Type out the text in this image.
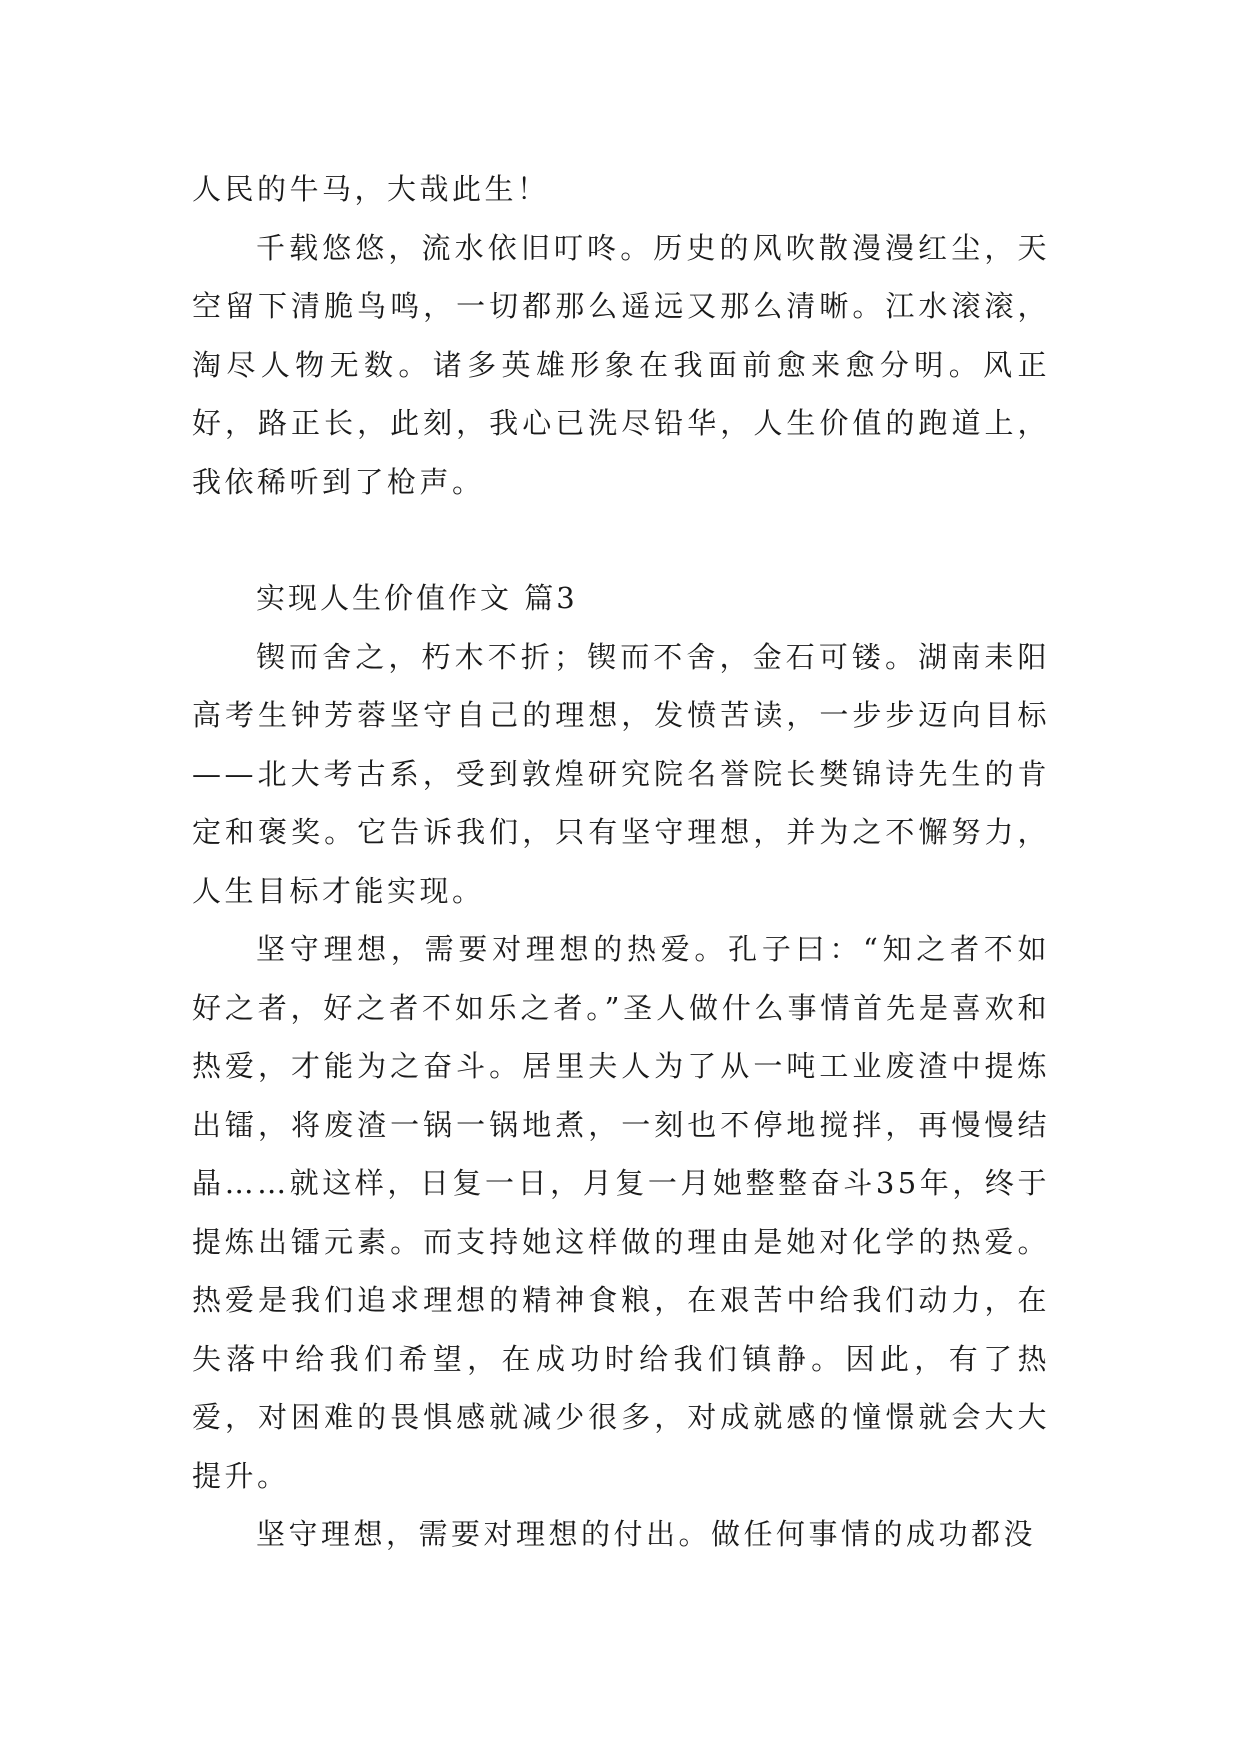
人民的牛马，大哉此生！

千载悠悠，流水依旧叮咚。历史的风吹散漫漫红尘，天空留下清脆鸟鸣，一切都那么遥远又那么清晰。江水滚滚，淘尽人物无数。诸多英雄形象在我面前愈来愈分明。风正好，路正长，此刻，我心已洗尽铅华，人生价值的跑道上，我依稀听到了枪声。

实现人生价值作文 篇3

锲而舍之，朽木不折；锲而不舍，金石可镂。湖南耒阳高考生钟芳蓉坚守自己的理想，发愤苦读，一步步迈向目标——北大考古系，受到敦煌研究院名誉院长樊锦诗先生的肯定和褒奖。它告诉我们，只有坚守理想，并为之不懈努力，人生目标才能实现。

坚守理想，需要对理想的热爱。孔子曰：“知之者不如好之者，好之者不如乐之者。”圣人做什么事情首先是喜欢和热爱，才能为之奋斗。居里夫人为了从一吨工业废渣中提炼出镭，将废渣一锅一锅地煮，一刻也不停地搅拌，再慢慢结晶……就这样，日复一日，月复一月她整整奋斗35年，终于提炼出镭元素。而支持她这样做的理由是她对化学的热爱。热爱是我们追求理想的精神食粮，在艰苦中给我们动力，在失落中给我们希望，在成功时给我们镇静。因此，有了热爱，对困难的畏惧感就减少很多，对成就感的憧憬就会大大提升。

坚守理想，需要对理想的付出。做任何事情的成功都没
